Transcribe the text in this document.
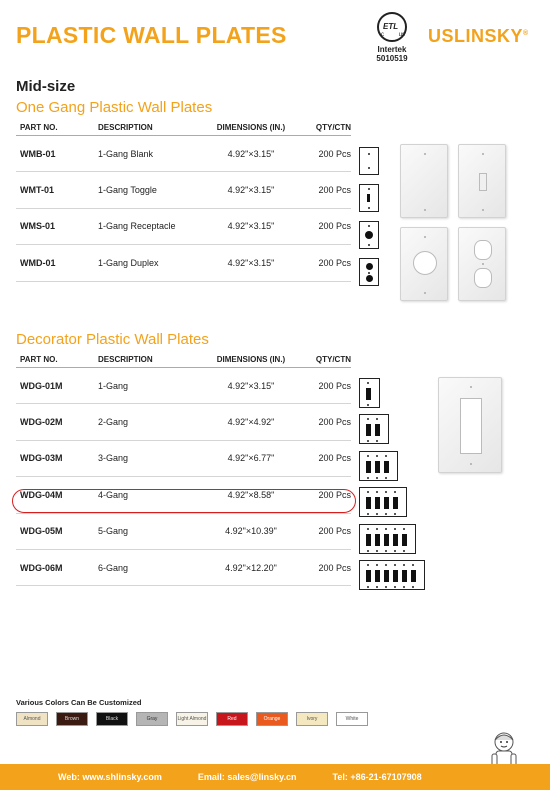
PLASTIC WALL PLATES	c us
ETL
Intertek
5010519
USLINSKY®
Mid-size
One Gang Plastic Wall Plates
PART NO.	DESCRIPTION	DIMENSIONS (IN.)	QTY/CTN
WMB-01	1-Gang Blank	4.92"×3.15"	200 Pcs
WMT-01	1-Gang Toggle	4.92"×3.15"	200 Pcs
WMS-01	1-Gang Receptacle	4.92"×3.15"	200 Pcs
WMD-01	1-Gang Duplex	4.92"×3.15"	200 Pcs
Decorator Plastic Wall Plates
PART NO.	DESCRIPTION	DIMENSIONS (IN.)	QTY/CTN
WDG-01M	1-Gang	4.92"×3.15"	200 Pcs
WDG-02M	2-Gang	4.92"×4.92"	200 Pcs
WDG-03M	3-Gang	4.92"×6.77"	200 Pcs
WDG-04M	4-Gang	4.92"×8.58"	200 Pcs
WDG-05M	5-Gang	4.92"×10.39"	200 Pcs
WDG-06M	6-Gang	4.92"×12.20"	200 Pcs
Various Colors Can Be Customized
Almond	Brown	Black	Gray	Light Almond	Red	Orange	Ivory	White
Web: www.shlinsky.com	Email: sales@linsky.cn	Tel: +86-21-67107908
